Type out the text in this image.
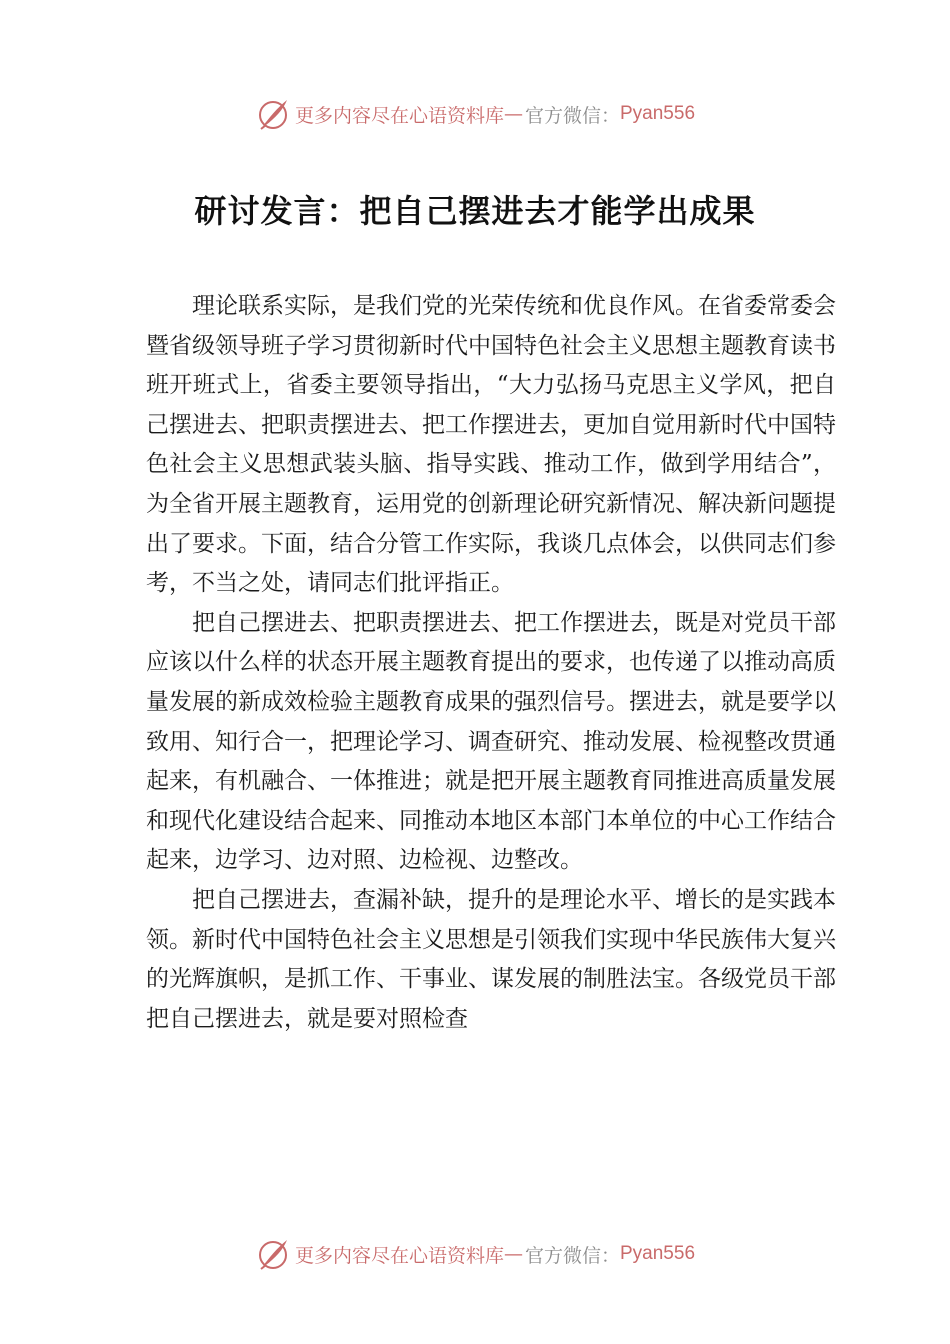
更多内容尽在心语资料库 — 官方微信： Pyan556
研讨发言：把自己摆进去才能学出成果

理论联系实际，是我们党的光荣传统和优良作风。在省委常委会暨省级领导班子学习贯彻新时代中国特色社会主义思想主题教育读书班开班式上，省委主要领导指出，“大力弘扬马克思主义学风，把自己摆进去、把职责摆进去、把工作摆进去，更加自觉用新时代中国特色社会主义思想武装头脑、指导实践、推动工作，做到学用结合”，为全省开展主题教育，运用党的创新理论研究新情况、解决新问题提出了要求。下面，结合分管工作实际，我谈几点体会，以供同志们参考，不当之处，请同志们批评指正。

把自己摆进去、把职责摆进去、把工作摆进去，既是对党员干部应该以什么样的状态开展主题教育提出的要求，也传递了以推动高质量发展的新成效检验主题教育成果的强烈信号。摆进去，就是要学以致用、知行合一，把理论学习、调查研究、推动发展、检视整改贯通起来，有机融合、一体推进；就是把开展主题教育同推进高质量发展和现代化建设结合起来、同推动本地区本部门本单位的中心工作结合起来，边学习、边对照、边检视、边整改。

把自己摆进去，查漏补缺，提升的是理论水平、增长的是实践本领。新时代中国特色社会主义思想是引领我们实现中华民族伟大复兴的光辉旗帜，是抓工作、干事业、谋发展的制胜法宝。各级党员干部把自己摆进去，就是要对照检查

更多内容尽在心语资料库 — 官方微信： Pyan556
